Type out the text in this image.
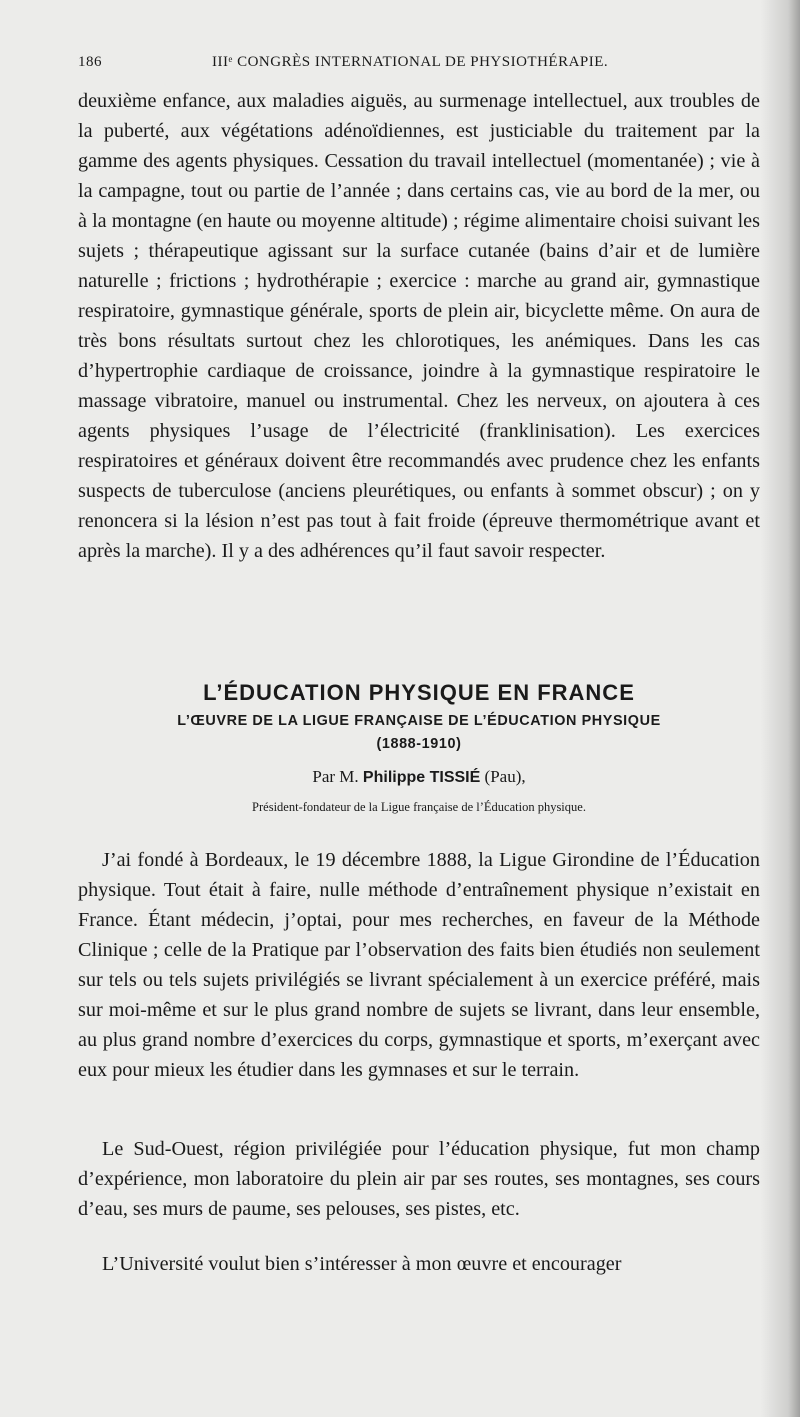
186	IIIᵉ CONGRÈS INTERNATIONAL DE PHYSIOTHÉRAPIE.

deuxième enfance, aux maladies aiguës, au surmenage intellectuel, aux troubles de la puberté, aux végétations adénoïdiennes, est justiciable du traitement par la gamme des agents physiques. Cessation du travail intellectuel (momentanée) ; vie à la campagne, tout ou partie de l’année ; dans certains cas, vie au bord de la mer, ou à la montagne (en haute ou moyenne altitude) ; régime alimentaire choisi suivant les sujets ; thérapeutique agissant sur la surface cutanée (bains d’air et de lumière naturelle ; frictions ; hydrothérapie ; exercice : marche au grand air, gymnastique respiratoire, gymnastique générale, sports de plein air, bicyclette même. On aura de très bons résultats surtout chez les chlorotiques, les anémiques. Dans les cas d’hypertrophie cardiaque de croissance, joindre à la gymnastique respiratoire le massage vibratoire, manuel ou instrumental. Chez les nerveux, on ajoutera à ces agents physiques l’usage de l’électricité (franklinisation). Les exercices respiratoires et généraux doivent être recommandés avec prudence chez les enfants suspects de tuberculose (anciens pleurétiques, ou enfants à sommet obscur) ; on y renoncera si la lésion n’est pas tout à fait froide (épreuve thermométrique avant et après la marche). Il y a des adhérences qu’il faut savoir respecter.

L’ÉDUCATION PHYSIQUE EN FRANCE
L’ŒUVRE DE LA LIGUE FRANÇAISE DE L’ÉDUCATION PHYSIQUE
(1888-1910)
Par M. Philippe TISSIÉ (Pau),
Président-fondateur de la Ligue française de l’Éducation physique.

J’ai fondé à Bordeaux, le 19 décembre 1888, la Ligue Girondine de l’Éducation physique. Tout était à faire, nulle méthode d’entraînement physique n’existait en France. Étant médecin, j’optai, pour mes recherches, en faveur de la Méthode Clinique ; celle de la Pratique par l’observation des faits bien étudiés non seulement sur tels ou tels sujets privilégiés se livrant spécialement à un exercice préféré, mais sur moi-même et sur le plus grand nombre de sujets se livrant, dans leur ensemble, au plus grand nombre d’exercices du corps, gymnastique et sports, m’exerçant avec eux pour mieux les étudier dans les gymnases et sur le terrain.

Le Sud-Ouest, région privilégiée pour l’éducation physique, fut mon champ d’expérience, mon laboratoire du plein air par ses routes, ses montagnes, ses cours d’eau, ses murs de paume, ses pelouses, ses pistes, etc.

L’Université voulut bien s’intéresser à mon œuvre et encourager
